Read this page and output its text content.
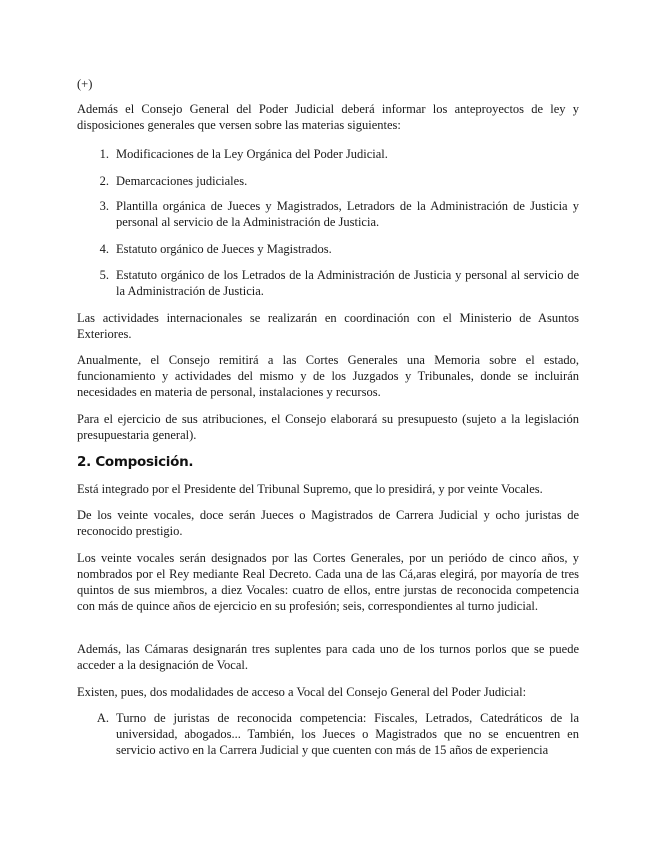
(+)

Además el Consejo General del Poder Judicial deberá informar los anteproyectos de ley y disposiciones generales que versen sobre las materias siguientes:

1. Modificaciones de la Ley Orgánica del Poder Judicial.

2. Demarcaciones judiciales.

3. Plantilla orgánica de Jueces y Magistrados, Letradors de la Administración de Justicia y personal al servicio de la Administración de Justicia.

4. Estatuto orgánico de Jueces y Magistrados.

5. Estatuto orgánico de los Letrados de la Administración de Justicia y personal al servicio de la Administración de Justicia.

Las actividades internacionales se realizarán en coordinación con el Ministerio de Asuntos Exteriores.

Anualmente, el Consejo remitirá a las Cortes Generales una Memoria sobre el estado, funcionamiento y actividades del mismo y de los Juzgados y Tribunales, donde se incluirán necesidades en materia de personal, instalaciones y recursos.

Para el ejercicio de sus atribuciones, el Consejo elaborará su presupuesto (sujeto a la legislación presupuestaria general).

2. Composición.

Está integrado por el Presidente del Tribunal Supremo, que lo presidirá, y por veinte Vocales.

De los veinte vocales, doce serán Jueces o Magistrados de Carrera Judicial y ocho juristas de reconocido prestigio.

Los veinte vocales serán designados por las Cortes Generales, por un periódo de cinco años, y nombrados por el Rey mediante Real Decreto. Cada una de las Cá,aras elegirá, por mayoría de tres quintos de sus miembros, a diez Vocales: cuatro de ellos, entre jurstas de reconocida competencia con más de quince años de ejercicio en su profesión; seis, correspondientes al turno judicial.

Además, las Cámaras designarán tres suplentes para cada uno de los turnos porlos que se puede acceder a la designación de Vocal.

Existen, pues, dos modalidades de acceso a Vocal del Consejo General del Poder Judicial:

A. Turno de juristas de reconocida competencia: Fiscales, Letrados, Catedráticos de la universidad, abogados... También, los Jueces o Magistrados que no se encuentren en servicio activo en la Carrera Judicial y que cuenten con más de 15 años de experiencia
